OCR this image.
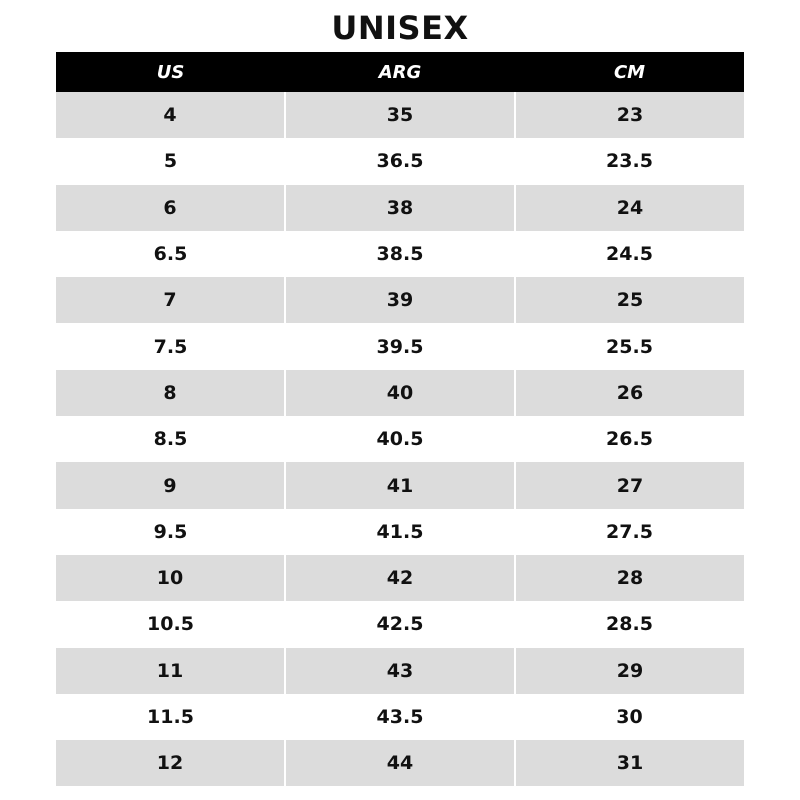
UNISEX
US	ARG	CM
4	35	23
5	36.5	23.5
6	38	24
6.5	38.5	24.5
7	39	25
7.5	39.5	25.5
8	40	26
8.5	40.5	26.5
9	41	27
9.5	41.5	27.5
10	42	28
10.5	42.5	28.5
11	43	29
11.5	43.5	30
12	44	31
